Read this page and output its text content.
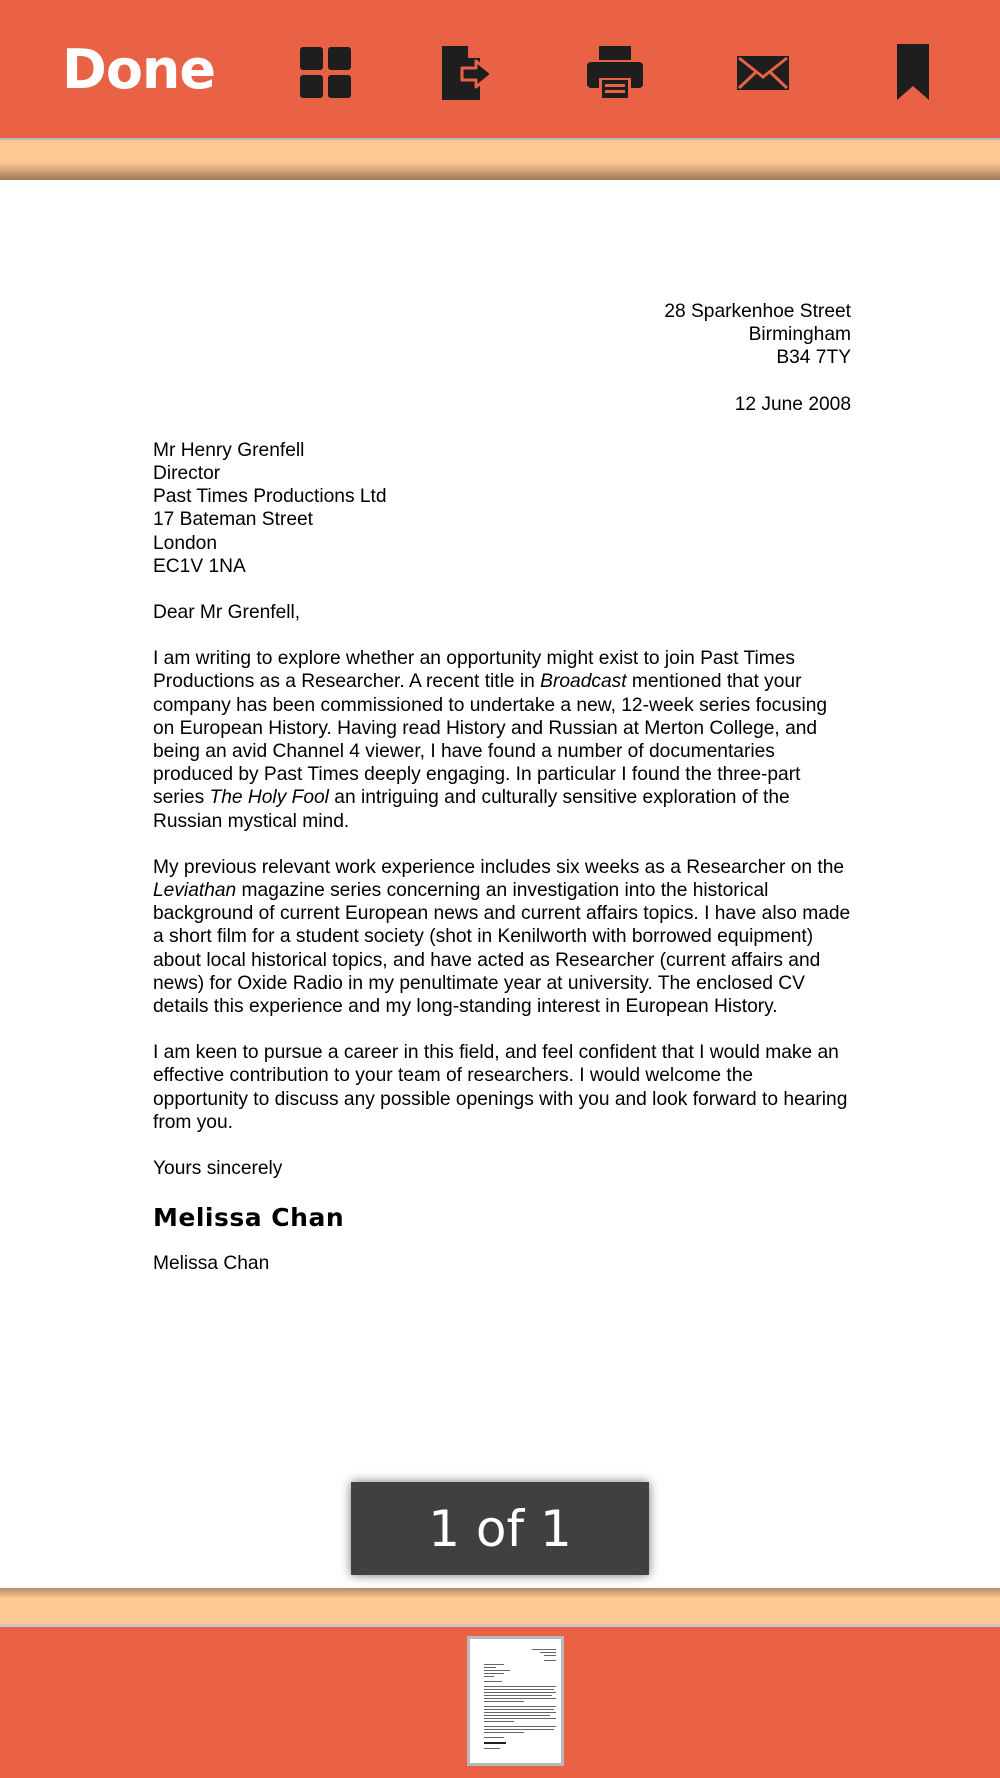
Done
28 Sparkenhoe Street
Birmingham
B34 7TY
12 June 2008
Mr Henry Grenfell
Director
Past Times Productions Ltd
17 Bateman Street
London
EC1V 1NA

Dear Mr Grenfell,

I am writing to explore whether an opportunity might exist to join Past Times Productions as a Researcher. A recent title in Broadcast mentioned that your company has been commissioned to undertake a new, 12-week series focusing on European History. Having read History and Russian at Merton College, and being an avid Channel 4 viewer, I have found a number of documentaries produced by Past Times deeply engaging. In particular I found the three-part series The Holy Fool an intriguing and culturally sensitive exploration of the Russian mystical mind.

My previous relevant work experience includes six weeks as a Researcher on the Leviathan magazine series concerning an investigation into the historical background of current European news and current affairs topics. I have also made a short film for a student society (shot in Kenilworth with borrowed equipment) about local historical topics, and have acted as Researcher (current affairs and news) for Oxide Radio in my penultimate year at university. The enclosed CV details this experience and my long-standing interest in European History.

I am keen to pursue a career in this field, and feel confident that I would make an effective contribution to your team of researchers. I would welcome the opportunity to discuss any possible openings with you and look forward to hearing from you.

Yours sincerely

Melissa Chan
Melissa Chan
1 of 1
